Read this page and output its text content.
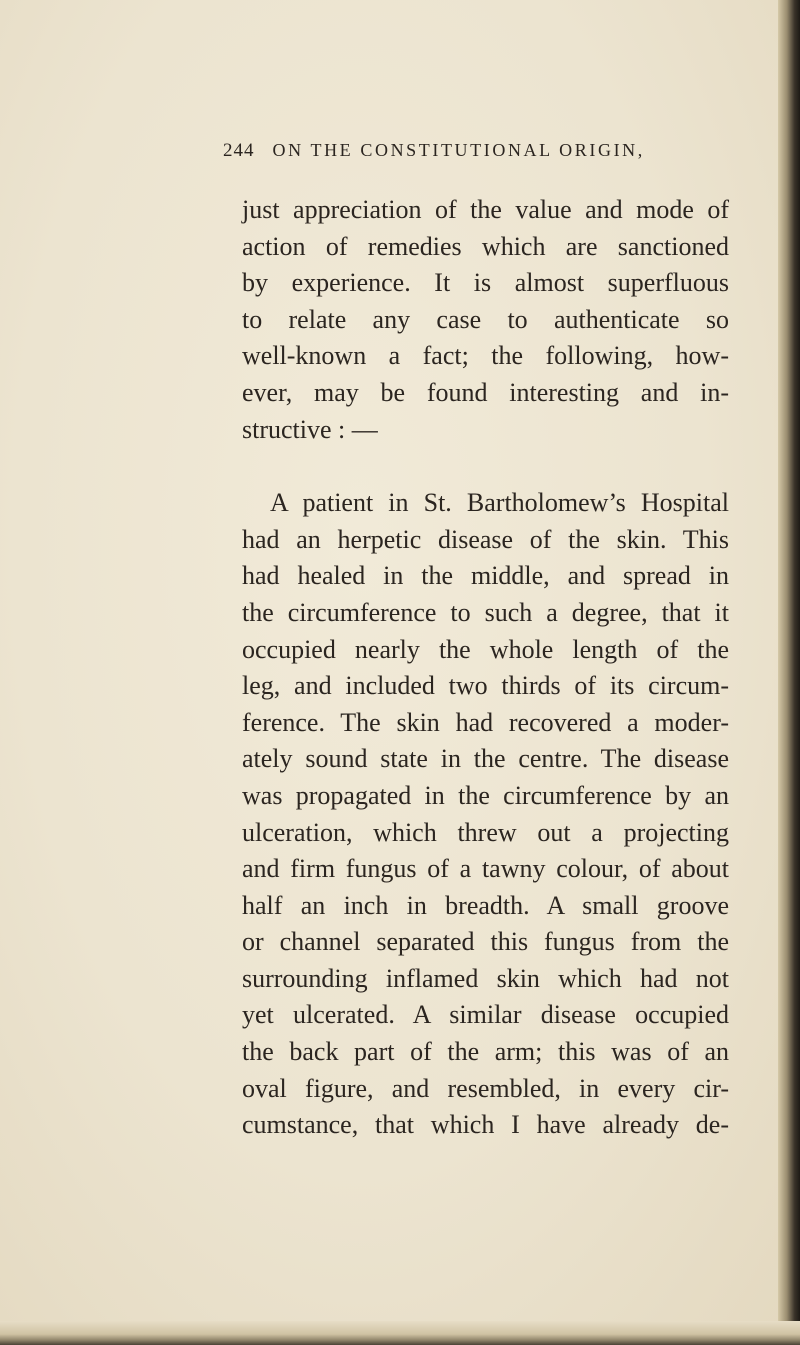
244 ON THE CONSTITUTIONAL ORIGIN,

just appreciation of the value and mode of
action of remedies which are sanctioned
by experience. It is almost superfluous
to relate any case to authenticate so
well-known a fact; the following, how-
ever, may be found interesting and in-
structive : —

A patient in St. Bartholomew’s Hospital
had an herpetic disease of the skin. This
had healed in the middle, and spread in
the circumference to such a degree, that it
occupied nearly the whole length of the
leg, and included two thirds of its circum-
ference. The skin had recovered a moder-
ately sound state in the centre. The disease
was propagated in the circumference by an
ulceration, which threw out a projecting
and firm fungus of a tawny colour, of about
half an inch in breadth. A small groove
or channel separated this fungus from the
surrounding inflamed skin which had not
yet ulcerated. A similar disease occupied
the back part of the arm; this was of an
oval figure, and resembled, in every cir-
cumstance, that which I have already de-
